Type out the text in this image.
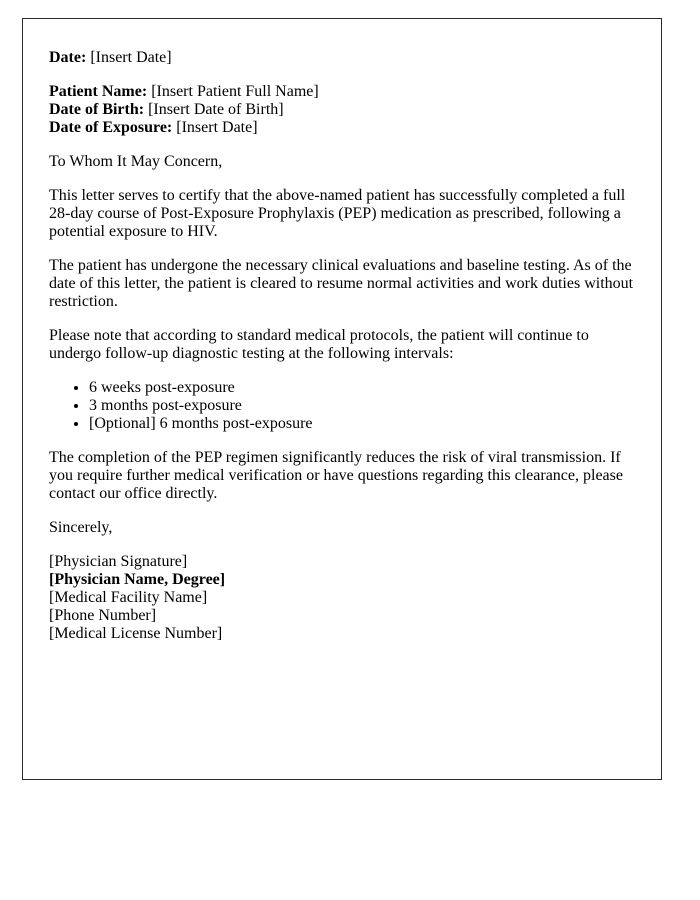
Date: [Insert Date]

Patient Name: [Insert Patient Full Name]
Date of Birth: [Insert Date of Birth]
Date of Exposure: [Insert Date]

To Whom It May Concern,

This letter serves to certify that the above-named patient has successfully completed a full 28-day course of Post-Exposure Prophylaxis (PEP) medication as prescribed, following a potential exposure to HIV.

The patient has undergone the necessary clinical evaluations and baseline testing. As of the date of this letter, the patient is cleared to resume normal activities and work duties without restriction.

Please note that according to standard medical protocols, the patient will continue to undergo follow-up diagnostic testing at the following intervals:

• 6 weeks post-exposure
• 3 months post-exposure
• [Optional] 6 months post-exposure

The completion of the PEP regimen significantly reduces the risk of viral transmission. If you require further medical verification or have questions regarding this clearance, please contact our office directly.

Sincerely,

[Physician Signature]
[Physician Name, Degree]
[Medical Facility Name]
[Phone Number]
[Medical License Number]
